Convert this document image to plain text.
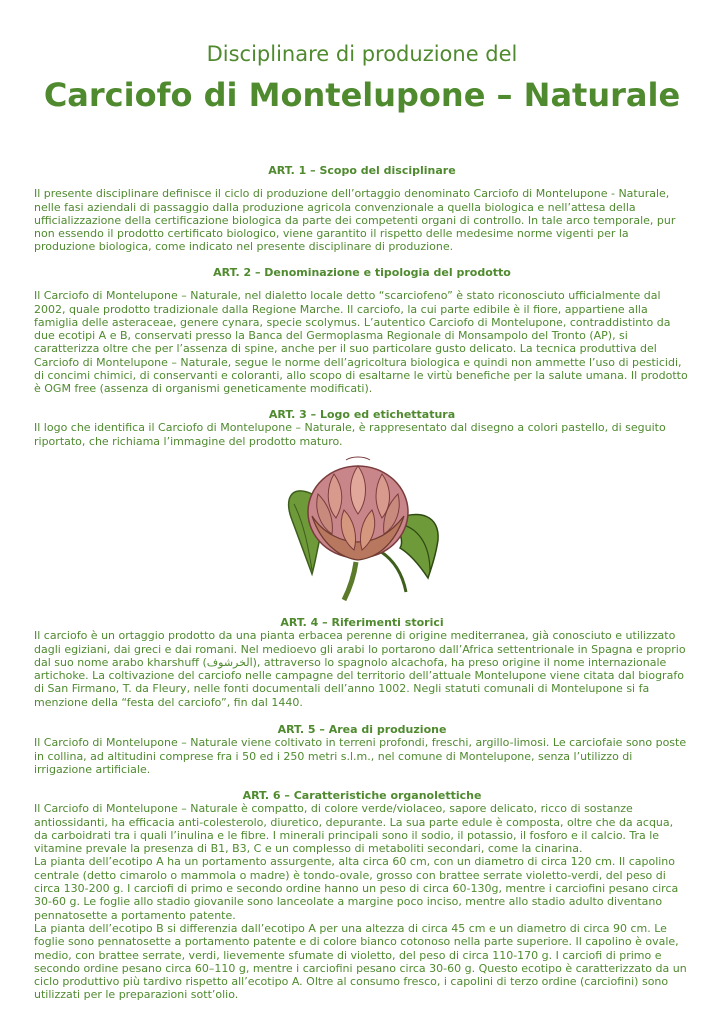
Disciplinare di produzione del
Carciofo di Montelupone – Naturale
ART. 1 – Scopo del disciplinare

Il presente disciplinare definisce il ciclo di produzione dell’ortaggio denominato Carciofo di Montelupone - Naturale, nelle fasi aziendali di passaggio dalla produzione agricola convenzionale a quella biologica e nell’attesa della ufficializzazione della certificazione biologica da parte dei competenti organi di controllo. In tale arco temporale, pur non essendo il prodotto certificato biologico, viene garantito il rispetto delle medesime norme vigenti per la produzione biologica, come indicato nel presente disciplinare di produzione.

ART. 2 – Denominazione e tipologia del prodotto

Il Carciofo di Montelupone – Naturale, nel dialetto locale detto “scarciofeno” è stato riconosciuto ufficialmente dal 2002, quale prodotto tradizionale dalla Regione Marche. Il carciofo, la cui parte edibile è il fiore, appartiene alla famiglia delle asteraceae, genere cynara, specie scolymus. L’autentico Carciofo di Montelupone, contraddistinto da due ecotipi A e B, conservati presso la Banca del Germoplasma Regionale di Monsampolo del Tronto (AP), si caratterizza oltre che per l’assenza di spine, anche per il suo particolare gusto delicato. La tecnica produttiva del Carciofo di Montelupone – Naturale, segue le norme dell’agricoltura biologica e quindi non ammette l’uso di pesticidi, di concimi chimici, di conservanti e coloranti, allo scopo di esaltarne le virtù benefiche per la salute umana. Il prodotto è OGM free (assenza di organismi geneticamente modificati).

ART. 3 – Logo ed etichettatura

Il logo che identifica il Carciofo di Montelupone – Naturale, è rappresentato dal disegno a colori pastello, di seguito riportato, che richiama l’immagine del prodotto maturo.

ART. 4 – Riferimenti storici

Il carciofo è un ortaggio prodotto da una pianta erbacea perenne di origine mediterranea, già conosciuto e utilizzato dagli egiziani, dai greci e dai romani. Nel medioevo gli arabi lo portarono dall’Africa settentrionale in Spagna e proprio dal suo nome arabo kharshuff (الخرشوف), attraverso lo spagnolo alcachofa, ha preso origine il nome internazionale artichoke. La coltivazione del carciofo nelle campagne del territorio dell’attuale Montelupone viene citata dal biografo di San Firmano, T. da Fleury, nelle fonti documentali dell’anno 1002. Negli statuti comunali di Montelupone si fa menzione della “festa del carciofo”, fin dal 1440.

ART. 5 – Area di produzione

Il Carciofo di Montelupone – Naturale viene coltivato in terreni profondi, freschi, argillo-limosi. Le carciofaie sono poste in collina, ad altitudini comprese fra i 50 ed i 250 metri s.l.m., nel comune di Montelupone, senza l’utilizzo di irrigazione artificiale.

ART. 6 – Caratteristiche organolettiche

Il Carciofo di Montelupone – Naturale è compatto, di colore verde/violaceo, sapore delicato, ricco di sostanze antiossidanti, ha efficacia anti-colesterolo, diuretico, depurante. La sua parte edule è composta, oltre che da acqua, da carboidrati tra i quali l’inulina e le fibre. I minerali principali sono il sodio, il potassio, il fosforo e il calcio. Tra le vitamine prevale la presenza di B1, B3, C e un complesso di metaboliti secondari, come la cinarina.

La pianta dell’ecotipo A ha un portamento assurgente, alta circa 60 cm, con un diametro di circa 120 cm. Il capolino centrale (detto cimarolo o mammola o madre) è tondo-ovale, grosso con brattee serrate violetto-verdi, del peso di circa 130-200 g. I carciofi di primo e secondo ordine hanno un peso di circa 60-130g, mentre i carciofini pesano circa 30-60 g. Le foglie allo stadio giovanile sono lanceolate a margine poco inciso, mentre allo stadio adulto diventano pennatosette a portamento patente.

La pianta dell’ecotipo B si differenzia dall’ecotipo A per una altezza di circa 45 cm e un diametro di circa 90 cm. Le foglie sono pennatosette a portamento patente e di colore bianco cotonoso nella parte superiore. Il capolino è ovale, medio, con brattee serrate, verdi, lievemente sfumate di violetto, del peso di circa 110-170 g. I carciofi di primo e secondo ordine pesano circa 60–110 g, mentre i carciofini pesano circa 30-60 g. Questo ecotipo è caratterizzato da un ciclo produttivo più tardivo rispetto all’ecotipo A. Oltre al consumo fresco, i capolini di terzo ordine (carciofini) sono utilizzati per le preparazioni sott’olio.
